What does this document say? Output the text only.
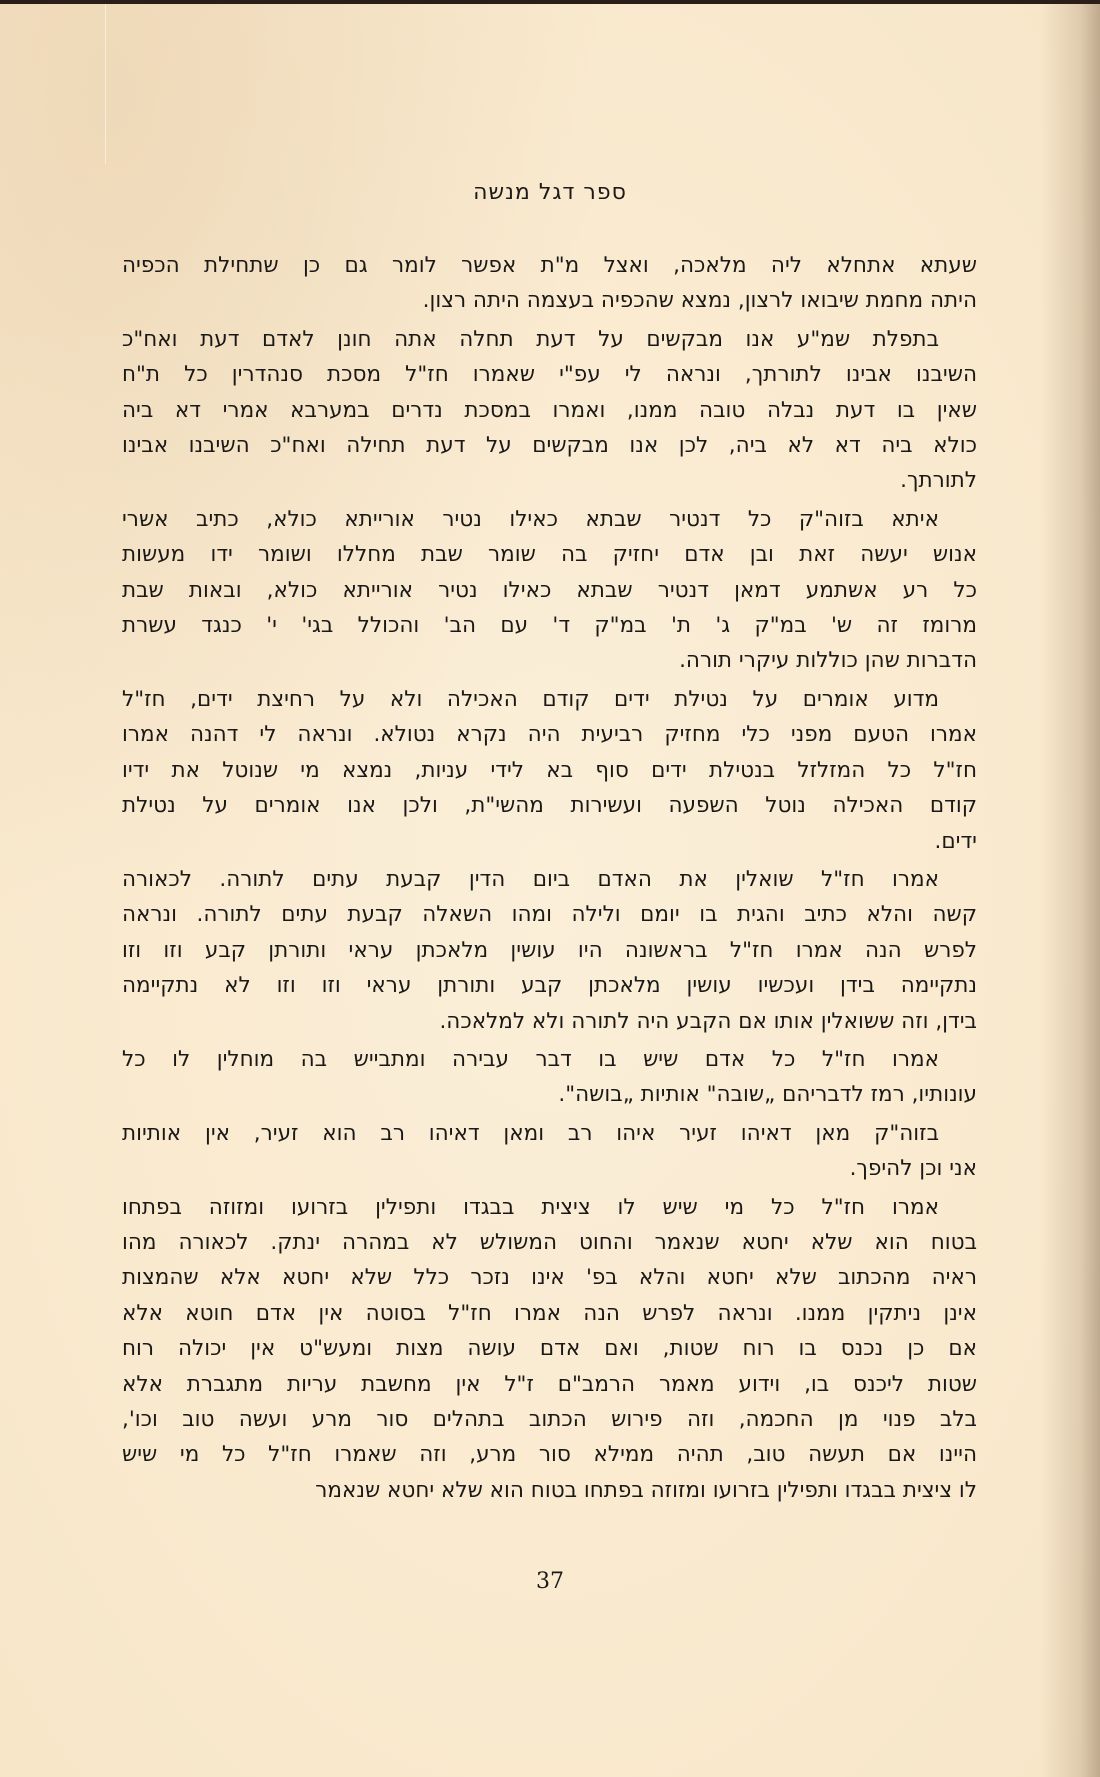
ספר דגל מנשה
שעתא אתחלא ליה מלאכה, ואצל מ"ת אפשר לומר גם כן שתחילת הכפיה
היתה מחמת שיבואו לרצון, נמצא שהכפיה בעצמה היתה רצון.
בתפלת שמ"ע אנו מבקשים על דעת תחלה אתה חונן לאדם דעת ואח"כ
השיבנו אבינו לתורתך, ונראה לי עפ"י שאמרו חז"ל מסכת סנהדרין כל ת"ח
שאין בו דעת נבלה טובה ממנו, ואמרו במסכת נדרים במערבא אמרי דא ביה
כולא ביה דא לא ביה, לכן אנו מבקשים על דעת תחילה ואח"כ השיבנו אבינו
לתורתך.
איתא בזוה"ק כל דנטיר שבתא כאילו נטיר אורייתא כולא, כתיב אשרי
אנוש יעשה זאת ובן אדם יחזיק בה שומר שבת מחללו ושומר ידו מעשות
כל רע אשתמע דמאן דנטיר שבתא כאילו נטיר אורייתא כולא, ובאות שבת
מרומז זה ש' במ"ק ג' ת' במ"ק ד' עם הב' והכולל בגי' י' כנגד עשרת
הדברות שהן כוללות עיקרי תורה.
מדוע אומרים על נטילת ידים קודם האכילה ולא על רחיצת ידים, חז"ל
אמרו הטעם מפני כלי מחזיק רביעית היה נקרא נטולא. ונראה לי דהנה אמרו
חז"ל כל המזלזל בנטילת ידים סוף בא לידי עניות, נמצא מי שנוטל את ידיו
קודם האכילה נוטל השפעה ועשירות מהשי"ת, ולכן אנו אומרים על נטילת
ידים.
אמרו חז"ל שואלין את האדם ביום הדין קבעת עתים לתורה. לכאורה
קשה והלא כתיב והגית בו יומם ולילה ומהו השאלה קבעת עתים לתורה. ונראה
לפרש הנה אמרו חז"ל בראשונה היו עושין מלאכתן עראי ותורתן קבע וזו וזו
נתקיימה בידן ועכשיו עושין מלאכתן קבע ותורתן עראי וזו וזו לא נתקיימה
בידן, וזה ששואלין אותו אם הקבע היה לתורה ולא למלאכה.
אמרו חז"ל כל אדם שיש בו דבר עבירה ומתבייש בה מוחלין לו כל
עונותיו, רמז לדבריהם „שובה" אותיות „בושה".
בזוה"ק מאן דאיהו זעיר איהו רב ומאן דאיהו רב הוא זעיר, אין אותיות
אני וכן להיפך.
אמרו חז"ל כל מי שיש לו ציצית בבגדו ותפילין בזרועו ומזוזה בפתחו
בטוח הוא שלא יחטא שנאמר והחוט המשולש לא במהרה ינתק. לכאורה מהו
ראיה מהכתוב שלא יחטא והלא בפ' אינו נזכר כלל שלא יחטא אלא שהמצות
אינן ניתקין ממנו. ונראה לפרש הנה אמרו חז"ל בסוטה אין אדם חוטא אלא
אם כן נכנס בו רוח שטות, ואם אדם עושה מצות ומעש"ט אין יכולה רוח
שטות ליכנס בו, וידוע מאמר הרמב"ם ז"ל אין מחשבת עריות מתגברת אלא
בלב פנוי מן החכמה, וזה פירוש הכתוב בתהלים סור מרע ועשה טוב וכו',
היינו אם תעשה טוב, תהיה ממילא סור מרע, וזה שאמרו חז"ל כל מי שיש
לו ציצית בבגדו ותפילין בזרועו ומזוזה בפתחו בטוח הוא שלא יחטא שנאמר
37
